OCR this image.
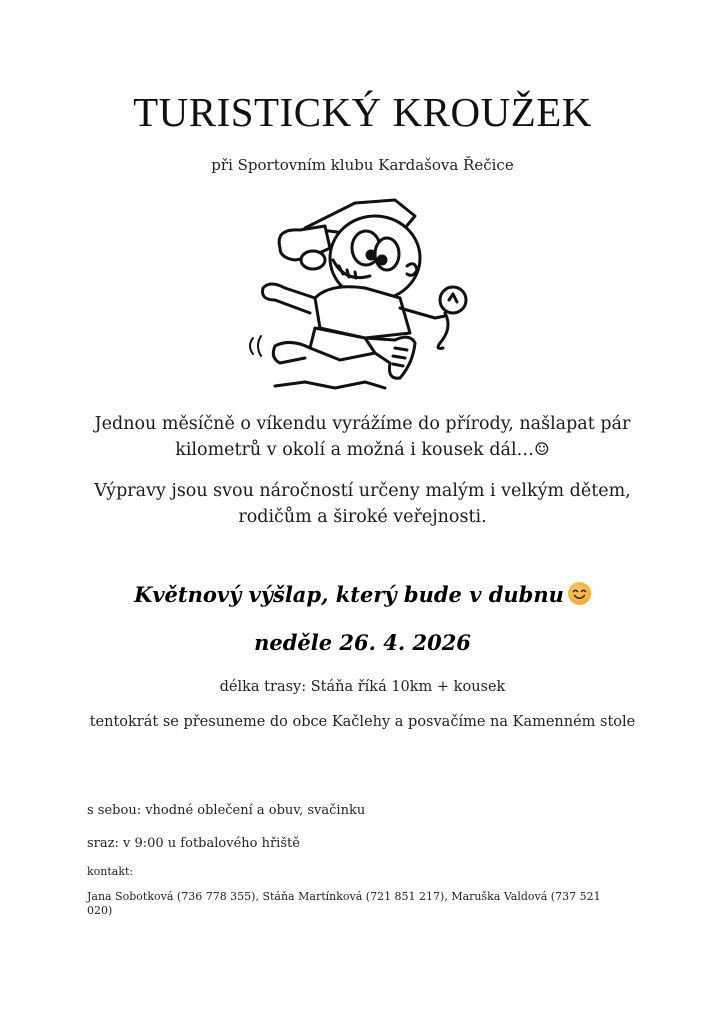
TURISTICKÝ KROUŽEK
při Sportovním klubu Kardašova Řečice
Jednou měsíčně o víkendu vyrážíme do přírody, našlapat pár kilometrů v okolí a možná i kousek dál…☺
Výpravy jsou svou náročností určeny malým i velkým dětem, rodičům a široké veřejnosti.
Květnový výšlap, který bude v dubnu
neděle 26. 4. 2026
délka trasy: Stáňa říká 10km + kousek
tentokrát se přesuneme do obce Kačlehy a posvačíme na Kamenném stole
s sebou: vhodné oblečení a obuv, svačinku
sraz: v 9:00 u fotbalového hřiště
kontakt:
Jana Sobotková (736 778 355), Stáňa Martínková (721 851 217), Maruška Valdová (737 521 020)
